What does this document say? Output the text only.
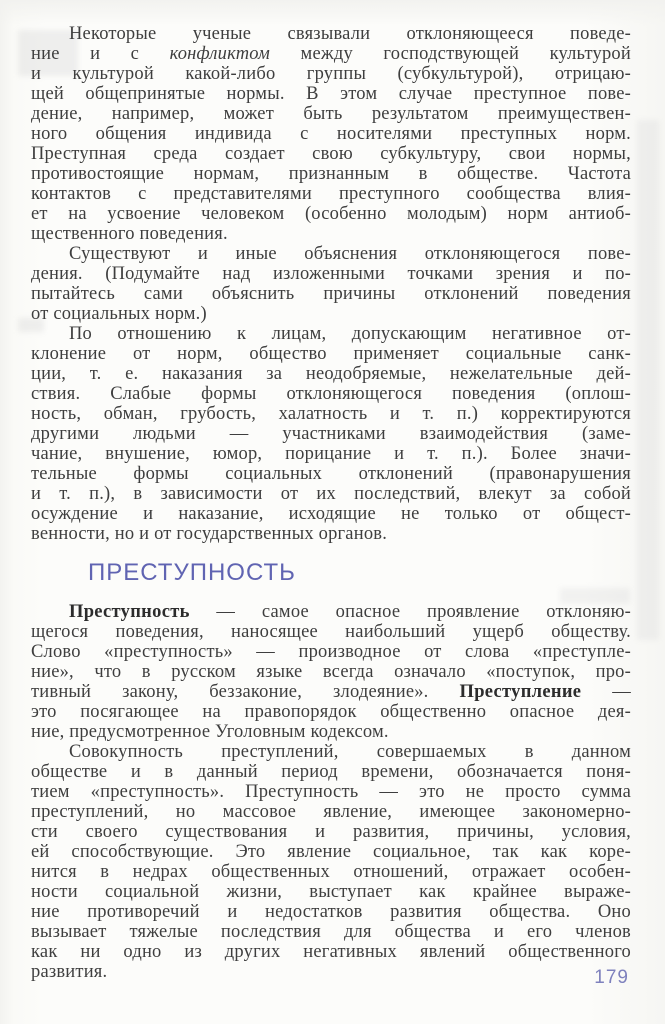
Некоторые ученые связывали отклоняющееся поведе-
ние и с конфликтом между господствующей культурой
и культурой какой-либо группы (субкультурой), отрицаю-
щей общепринятые нормы. В этом случае преступное пове-
дение, например, может быть результатом преимуществен-
ного общения индивида с носителями преступных норм.
Преступная среда создает свою субкультуру, свои нормы,
противостоящие нормам, признанным в обществе. Частота
контактов с представителями преступного сообщества влия-
ет на усвоение человеком (особенно молодым) норм антиоб-
щественного поведения.
Существуют и иные объяснения отклоняющегося пове-
дения. (Подумайте над изложенными точками зрения и по-
пытайтесь сами объяснить причины отклонений поведения
от социальных норм.)
По отношению к лицам, допускающим негативное от-
клонение от норм, общество применяет социальные санк-
ции, т. е. наказания за неодобряемые, нежелательные дей-
ствия. Слабые формы отклоняющегося поведения (оплош-
ность, обман, грубость, халатность и т. п.) корректируются
другими людьми — участниками взаимодействия (заме-
чание, внушение, юмор, порицание и т. п.). Более значи-
тельные формы социальных отклонений (правонарушения
и т. п.), в зависимости от их последствий, влекут за собой
осуждение и наказание, исходящие не только от общест-
венности, но и от государственных органов.
ПРЕСТУПНОСТЬ
Преступность — самое опасное проявление отклоняю-
щегося поведения, наносящее наибольший ущерб обществу.
Слово «преступность» — производное от слова «преступле-
ние», что в русском языке всегда означало «поступок, про-
тивный закону, беззаконие, злодеяние». Преступление —
это посягающее на правопорядок общественно опасное дея-
ние, предусмотренное Уголовным кодексом.
Совокупность преступлений, совершаемых в данном
обществе и в данный период времени, обозначается поня-
тием «преступность». Преступность — это не просто сумма
преступлений, но массовое явление, имеющее закономерно-
сти своего существования и развития, причины, условия,
ей способствующие. Это явление социальное, так как коре-
нится в недрах общественных отношений, отражает особен-
ности социальной жизни, выступает как крайнее выраже-
ние противоречий и недостатков развития общества. Оно
вызывает тяжелые последствия для общества и его членов
как ни одно из других негативных явлений общественного
развития.	179
